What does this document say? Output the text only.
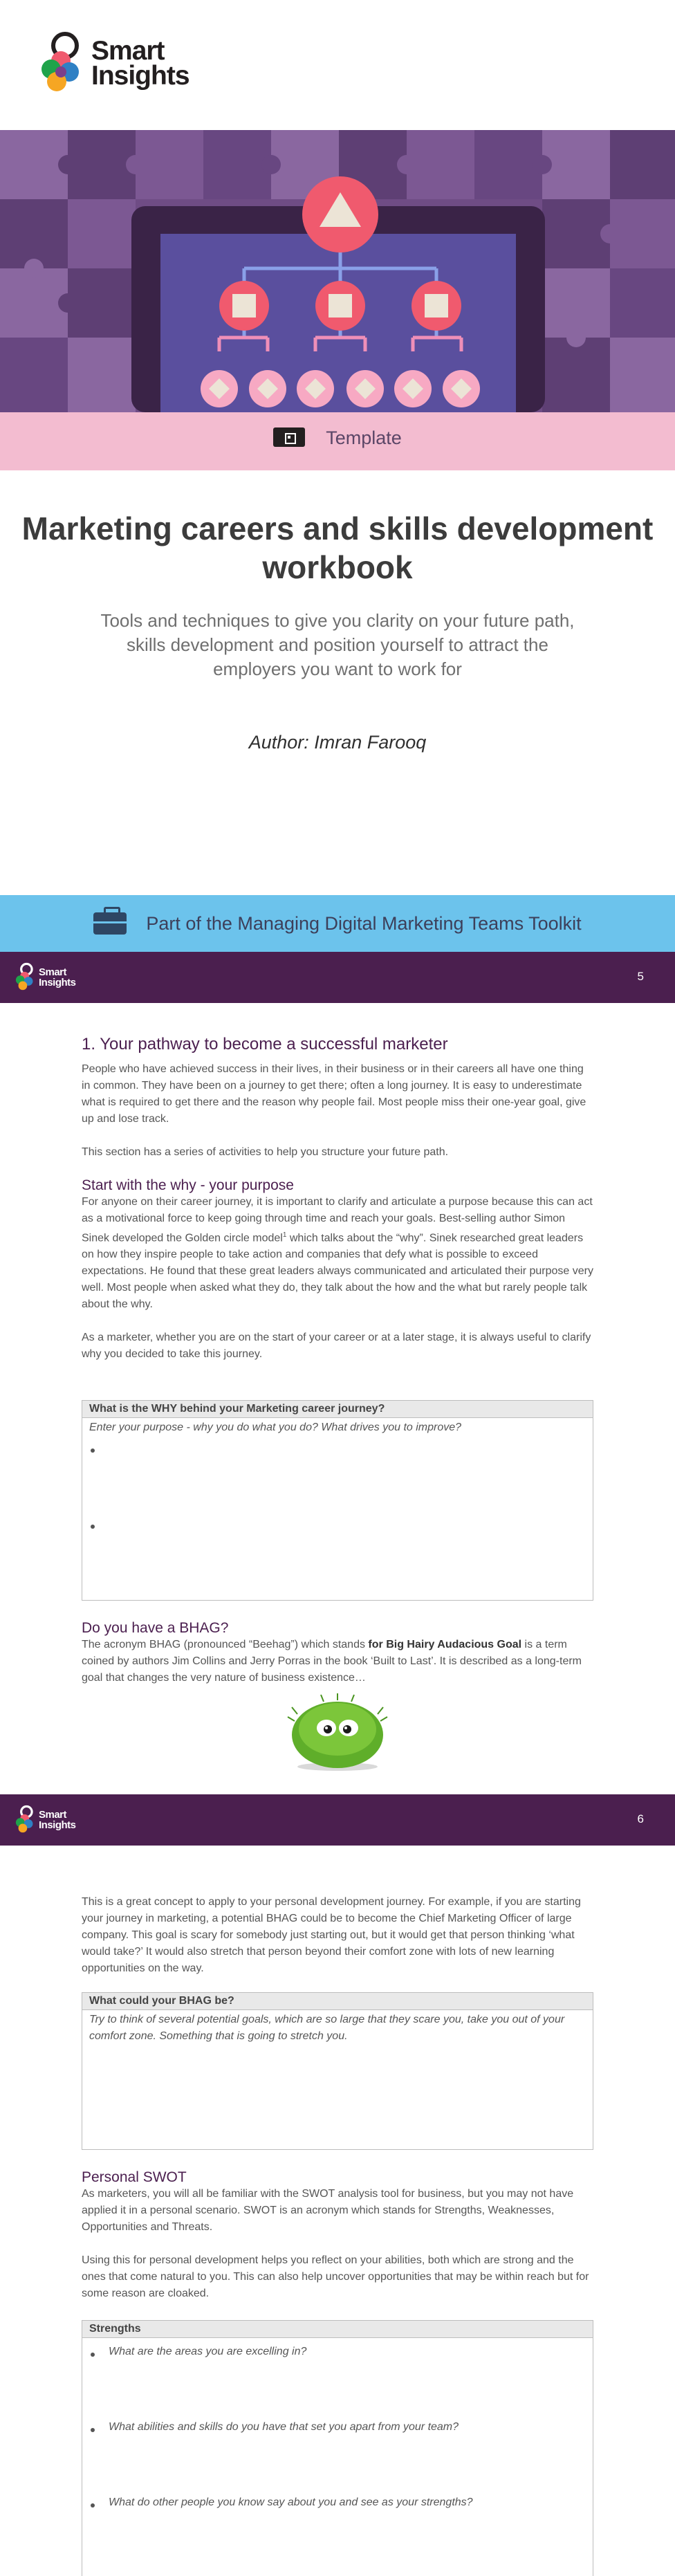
Smart
Insights
Template
Marketing careers and skills development workbook
Tools and techniques to give you clarity on your future path, skills development and position yourself to attract the employers you want to work for
Author: Imran Farooq
Part of the Managing Digital Marketing Teams Toolkit
Smart
Insights	5
1. Your pathway to become a successful marketer

People who have achieved success in their lives, in their business or in their careers all have one thing in common. They have been on a journey to get there; often a long journey. It is easy to underestimate what is required to get there and the reason why people fail. Most people miss their one-year goal, give up and lose track.

This section has a series of activities to help you structure your future path.

Start with the why - your purpose

For anyone on their career journey, it is important to clarify and articulate a purpose because this can act as a motivational force to keep going through time and reach your goals. Best-selling author Simon Sinek developed the Golden circle model$^1$ which talks about the “why”. Sinek researched great leaders on how they inspire people to take action and companies that defy what is possible to exceed expectations. He found that these great leaders always communicated and articulated their purpose very well. Most people when asked what they do, they talk about the how and the what but rarely people talk about the why.

As a marketer, whether you are on the start of your career or at a later stage, it is always useful to clarify why you decided to take this journey.

What is the WHY behind your Marketing career journey?
Enter your purpose - why you do what you do? What drives you to improve?
Do you have a BHAG?

The acronym BHAG (pronounced “Beehag”) which stands for Big Hairy Audacious Goal is a term coined by authors Jim Collins and Jerry Porras in the book ‘Built to Last’. It is described as a long-term goal that changes the very nature of business existence…

Smart
Insights	6

This is a great concept to apply to your personal development journey. For example, if you are starting your journey in marketing, a potential BHAG could be to become the Chief Marketing Officer of large company. This goal is scary for somebody just starting out, but it would get that person thinking ‘what would take?’ It would also stretch that person beyond their comfort zone with lots of new learning opportunities on the way.

What could your BHAG be?
Try to think of several potential goals, which are so large that they scare you, take you out of your comfort zone. Something that is going to stretch you.
Personal SWOT

As marketers, you will all be familiar with the SWOT analysis tool for business, but you may not have applied it in a personal scenario. SWOT is an acronym which stands for Strengths, Weaknesses, Opportunities and Threats.

Using this for personal development helps you reflect on your abilities, both which are strong and the ones that come natural to you. This can also help uncover opportunities that may be within reach but for some reason are cloaked.

Strengths
What are the areas you are excelling in?
What abilities and skills do you have that set you apart from your team?
What do other people you know say about you and see as your strengths?
